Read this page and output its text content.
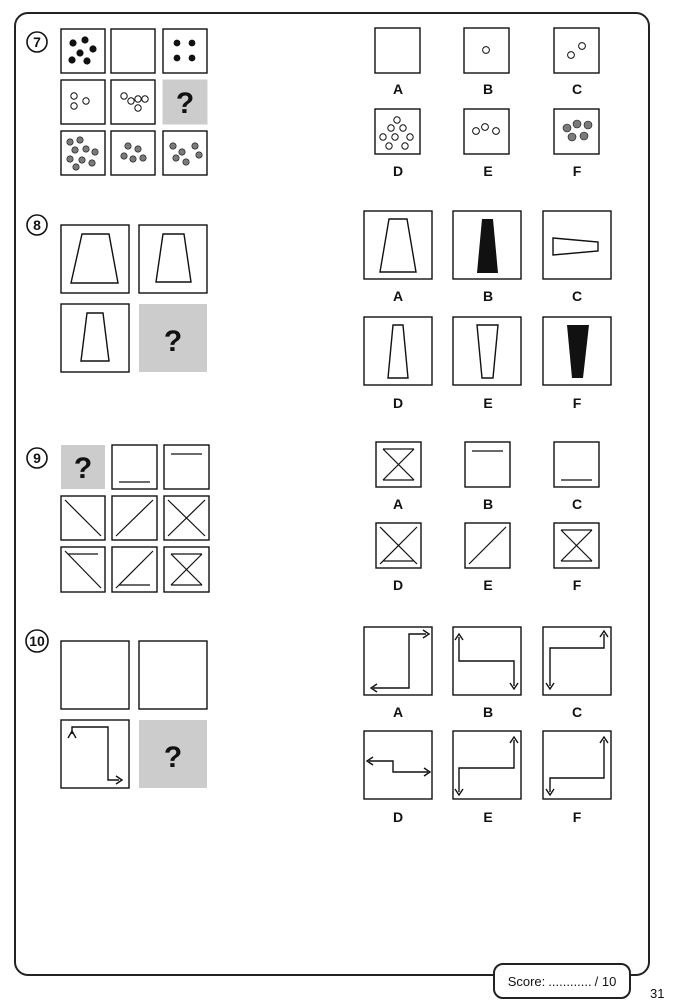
7
?	A	B	C
D	E	F
8
?
A	B	C
D	E	F
9 ?
A	B	C
D	E	F
10
?
A	B	C
D	E	F
Score: ............ / 10
31
